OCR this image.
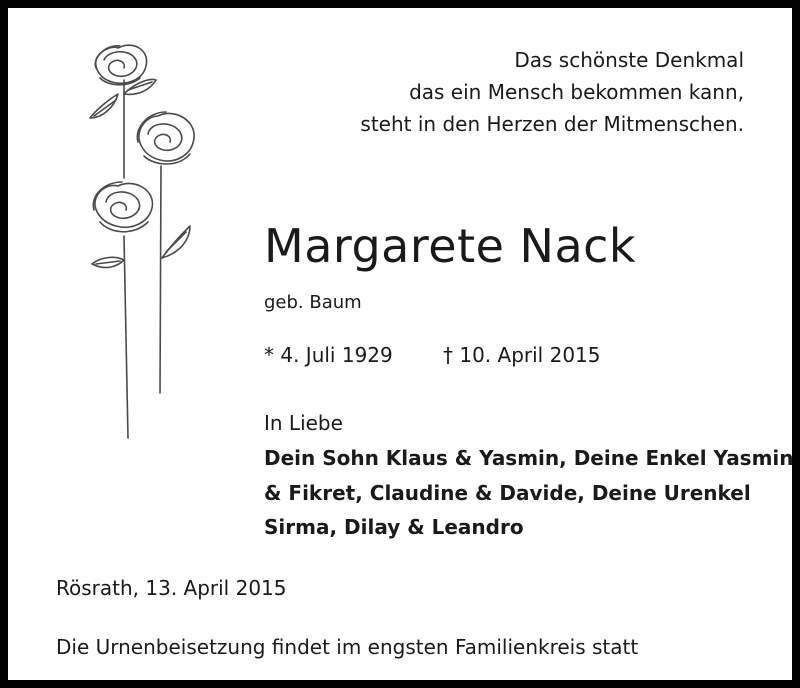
Das schönste Denkmal
das ein Mensch bekommen kann,
steht in den Herzen der Mitmenschen.
Margarete Nack
geb. Baum
* 4. Juli 1929	† 10. April 2015
In Liebe
Dein Sohn Klaus & Yasmin, Deine Enkel Yasmin
& Fikret, Claudine & Davide, Deine Urenkel
Sirma, Dilay & Leandro
Rösrath, 13. April 2015
Die Urnenbeisetzung findet im engsten Familienkreis statt
